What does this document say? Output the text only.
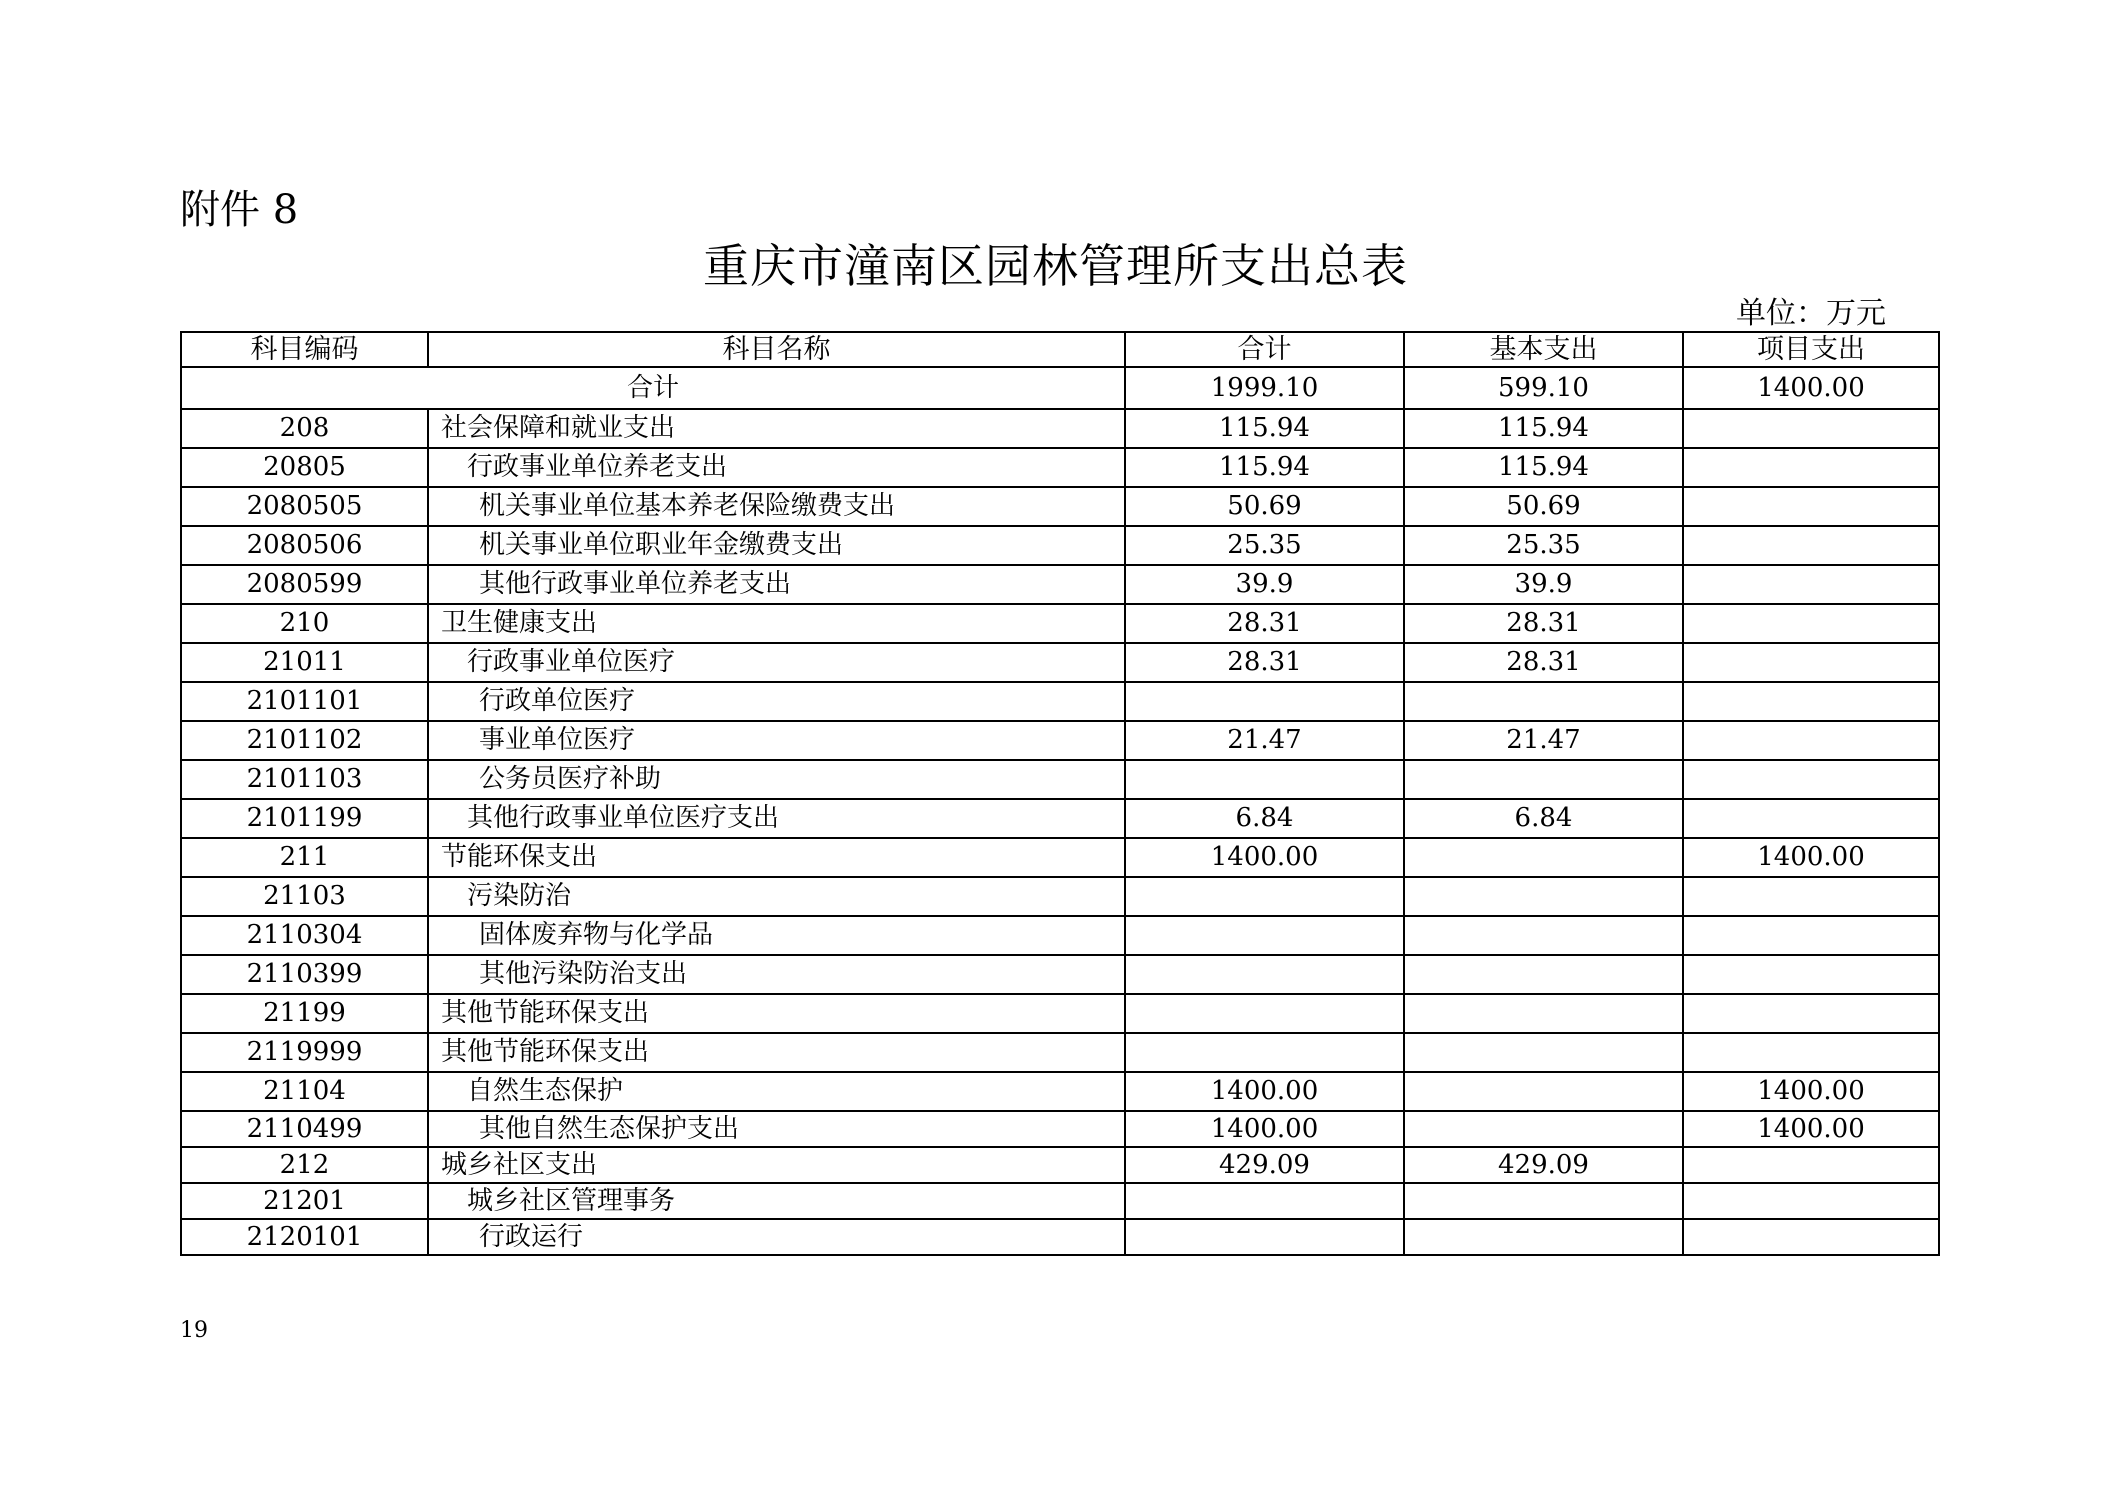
附件 8
重庆市潼南区园林管理所支出总表
单位：万元
科目编码	科目名称	合计	基本支出	项目支出
合计		1999.10	599.10	1400.00
208	社会保障和就业支出	115.94	115.94	
20805	行政事业单位养老支出	115.94	115.94	
2080505	机关事业单位基本养老保险缴费支出	50.69	50.69	
2080506	机关事业单位职业年金缴费支出	25.35	25.35	
2080599	其他行政事业单位养老支出	39.9	39.9	
210	卫生健康支出	28.31	28.31	
21011	行政事业单位医疗	28.31	28.31	
2101101	行政单位医疗			
2101102	事业单位医疗	21.47	21.47	
2101103	公务员医疗补助			
2101199	其他行政事业单位医疗支出	6.84	6.84	
211	节能环保支出	1400.00		1400.00
21103	污染防治			
2110304	固体废弃物与化学品			
2110399	其他污染防治支出			
21199	其他节能环保支出			
2119999	其他节能环保支出			
21104	自然生态保护	1400.00		1400.00
2110499	其他自然生态保护支出	1400.00		1400.00
212	城乡社区支出	429.09	429.09	
21201	城乡社区管理事务			
2120101	行政运行			
19
